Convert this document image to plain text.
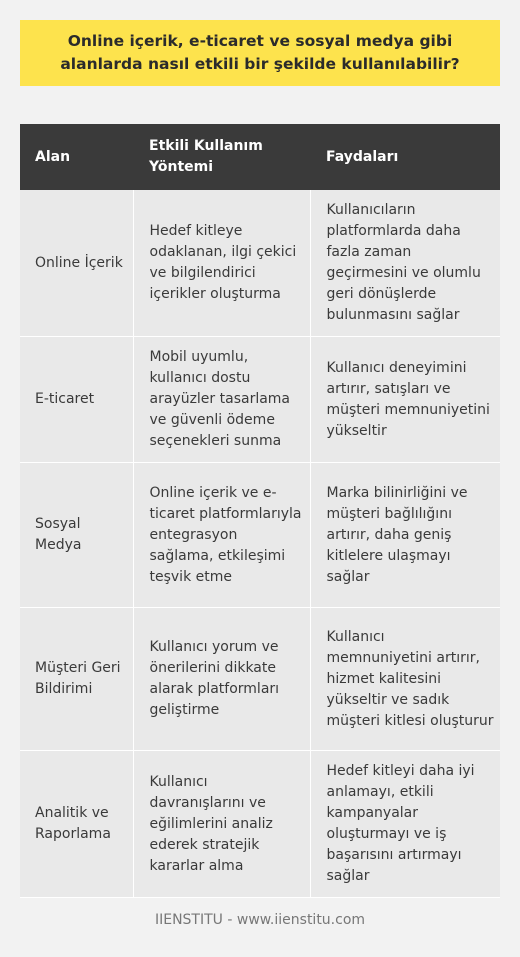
Online içerik, e-ticaret ve sosyal medya gibi alanlarda nasıl etkili bir şekilde kullanılabilir?
Alan	Etkili Kullanım Yöntemi	Faydaları
Online İçerik	Hedef kitleye odaklanan, ilgi çekici ve bilgilendirici içerikler oluşturma	Kullanıcıların platformlarda daha fazla zaman geçirmesini ve olumlu geri dönüşlerde bulunmasını sağlar
E-ticaret	Mobil uyumlu, kullanıcı dostu arayüzler tasarlama ve güvenli ödeme seçenekleri sunma	Kullanıcı deneyimini artırır, satışları ve müşteri memnuniyetini yükseltir
Sosyal Medya	Online içerik ve e-ticaret platformlarıyla entegrasyon sağlama, etkileşimi teşvik etme	Marka bilinirliğini ve müşteri bağlılığını artırır, daha geniş kitlelere ulaşmayı sağlar
Müşteri Geri Bildirimi	Kullanıcı yorum ve önerilerini dikkate alarak platformları geliştirme	Kullanıcı memnuniyetini artırır, hizmet kalitesini yükseltir ve sadık müşteri kitlesi oluşturur
Analitik ve Raporlama	Kullanıcı davranışlarını ve eğilimlerini analiz ederek stratejik kararlar alma	Hedef kitleyi daha iyi anlamayı, etkili kampanyalar oluşturmayı ve iş başarısını artırmayı sağlar
IIENSTITU - www.iienstitu.com
